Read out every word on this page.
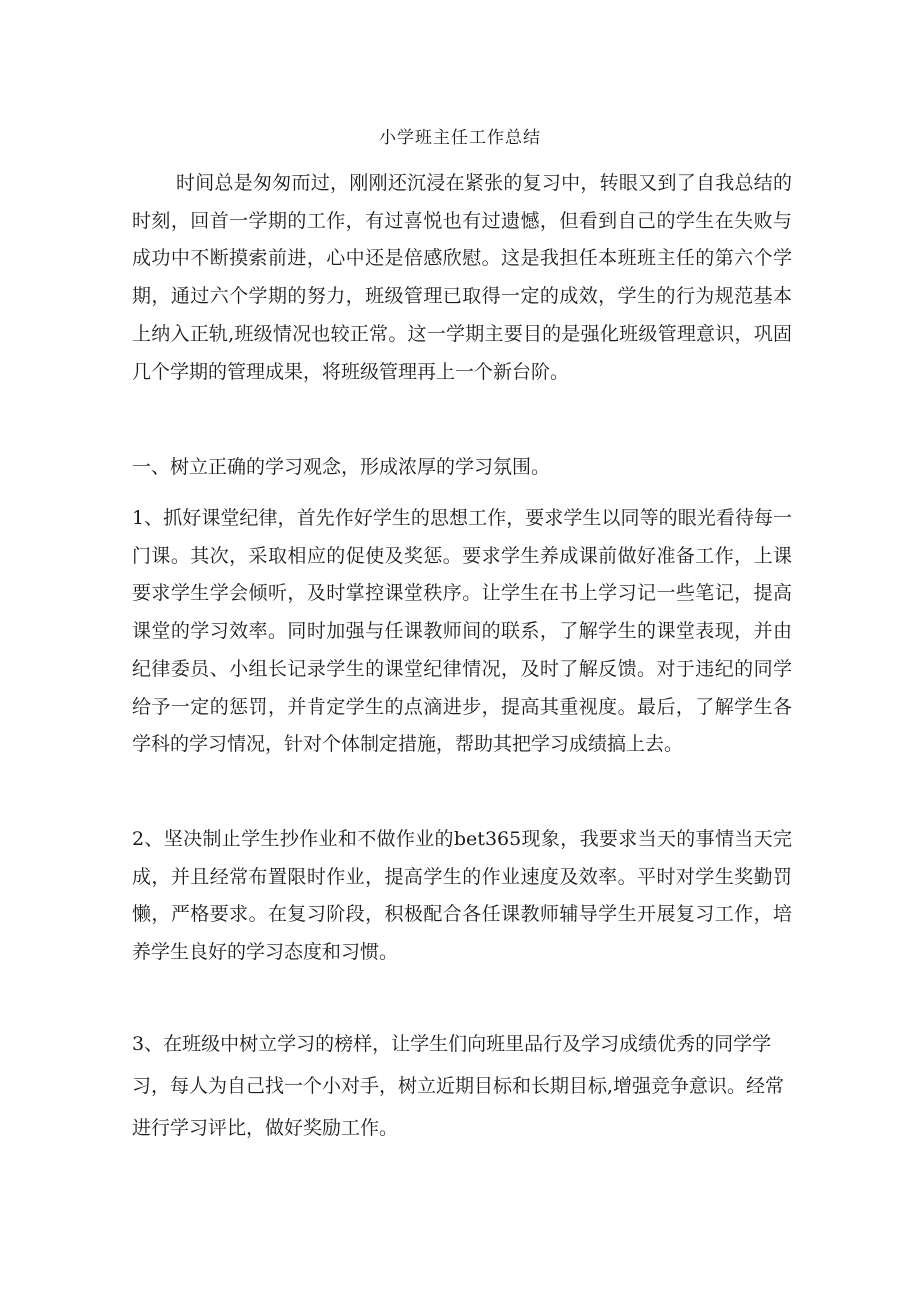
小学班主任工作总结

时间总是匆匆而过，刚刚还沉浸在紧张的复习中，转眼又到了自我总结的时刻，回首一学期的工作，有过喜悦也有过遗憾，但看到自己的学生在失败与成功中不断摸索前进，心中还是倍感欣慰。这是我担任本班班主任的第六个学期，通过六个学期的努力，班级管理已取得一定的成效，学生的行为规范基本上纳入正轨,班级情况也较正常。这一学期主要目的是强化班级管理意识，巩固几个学期的管理成果，将班级管理再上一个新台阶。

一、树立正确的学习观念，形成浓厚的学习氛围。

1、抓好课堂纪律，首先作好学生的思想工作，要求学生以同等的眼光看待每一门课。其次，采取相应的促使及奖惩。要求学生养成课前做好准备工作，上课要求学生学会倾听，及时掌控课堂秩序。让学生在书上学习记一些笔记，提高课堂的学习效率。同时加强与任课教师间的联系，了解学生的课堂表现，并由纪律委员、小组长记录学生的课堂纪律情况，及时了解反馈。对于违纪的同学给予一定的惩罚，并肯定学生的点滴进步，提高其重视度。最后，了解学生各学科的学习情况，针对个体制定措施，帮助其把学习成绩搞上去。

2、坚决制止学生抄作业和不做作业的bet365现象，我要求当天的事情当天完成，并且经常布置限时作业，提高学生的作业速度及效率。平时对学生奖勤罚懒，严格要求。在复习阶段，积极配合各任课教师辅导学生开展复习工作，培养学生良好的学习态度和习惯。

3、在班级中树立学习的榜样，让学生们向班里品行及学习成绩优秀的同学学

习，每人为自己找一个小对手，树立近期目标和长期目标,增强竞争意识。经常

进行学习评比，做好奖励工作。
